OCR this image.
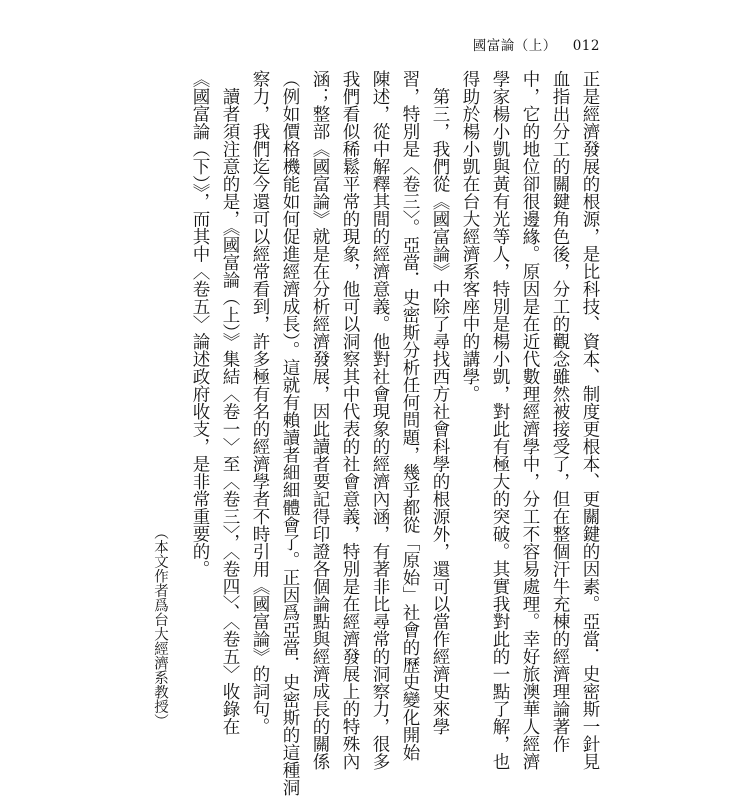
國富論（上） 012
正是經濟發展的根源，是比科技、資本、制度更根本、更關鍵的因素。亞當．史密斯一針見
血指出分工的關鍵角色後，分工的觀念雖然被接受了，但在整個汗牛充棟的經濟理論著作
中，它的地位卻很邊緣。原因是在近代數理經濟學中，分工不容易處理。幸好旅澳華人經濟
學家楊小凱與黃有光等人，特別是楊小凱，對此有極大的突破。其實我對此的一點了解，也
得助於楊小凱在台大經濟系客座中的講學。
　第三，我們從《國富論》中除了尋找西方社會科學的根源外，還可以當作經濟史來學
習，特別是〈卷三〉。亞當．史密斯分析任何問題，幾乎都從「原始」社會的歷史變化開始
陳述，從中解釋其間的經濟意義。他對社會現象的經濟內涵，有著非比尋常的洞察力，很多
我們看似稀鬆平常的現象，他可以洞察其中代表的社會意義，特別是在經濟發展上的特殊內
涵；整部《國富論》就是在分析經濟發展，因此讀者要記得印證各個論點與經濟成長的關係
（例如價格機能如何促進經濟成長）。這就有賴讀者細細體會了。正因爲亞當．史密斯的這種洞
察力，我們迄今還可以經常看到，許多極有名的經濟學者不時引用《國富論》的詞句。
　讀者須注意的是，《國富論（上）》集結〈卷一〉至〈卷三〉，〈卷四〉、〈卷五〉收錄在
《國富論（下）》，而其中〈卷五〉論述政府收支，是非常重要的。
（本文作者爲台大經濟系教授）
